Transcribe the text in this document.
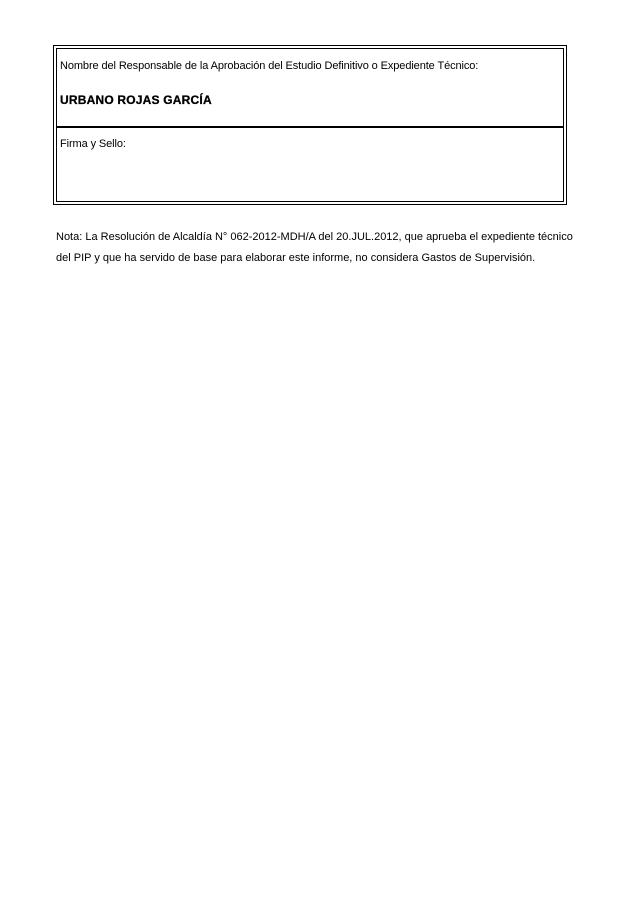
Nombre del Responsable de la Aprobación del Estudio Definitivo o Expediente Técnico:
URBANO ROJAS GARCÍA
Firma y Sello:
Nota: La Resolución de Alcaldía N° 062-2012-MDH/A del 20.JUL.2012, que aprueba el expediente técnico
del PIP y que ha servido de base para elaborar este informe, no considera Gastos de Supervisión.
